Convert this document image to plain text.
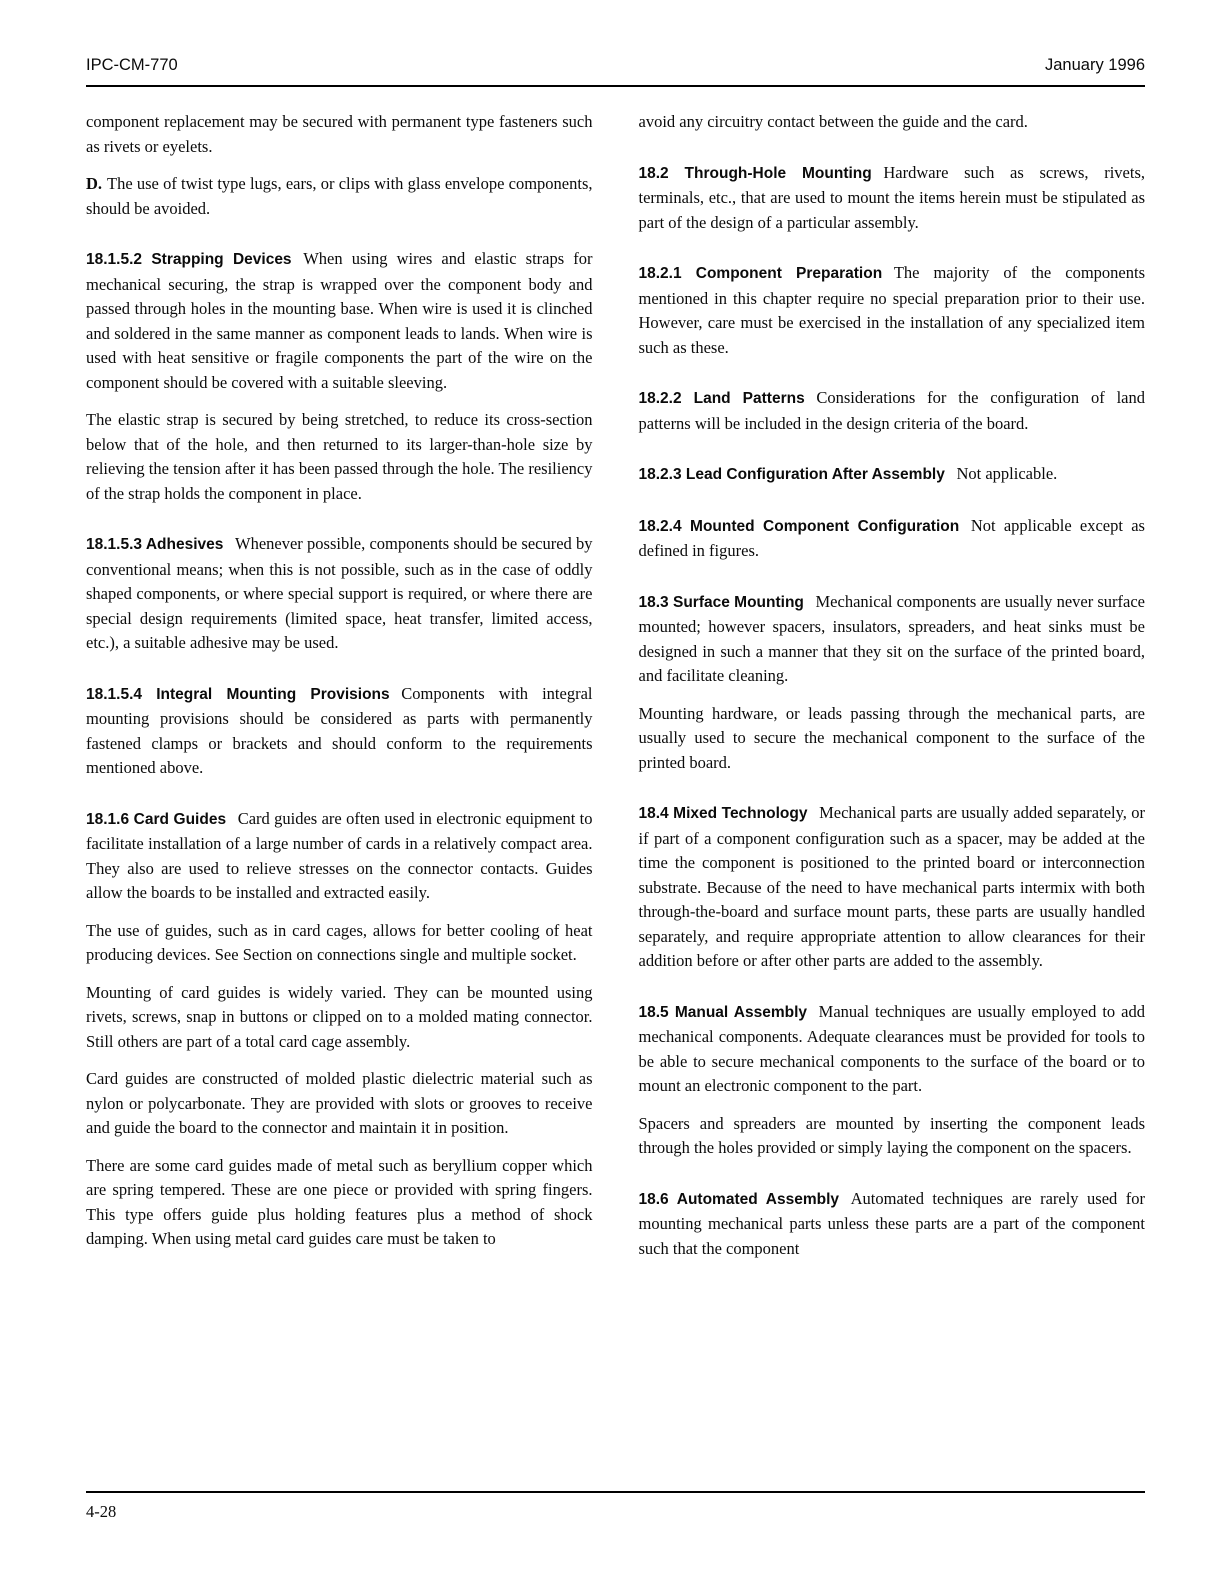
IPC-CM-770	January 1996

component replacement may be secured with permanent type fasteners such as rivets or eyelets.

D. The use of twist type lugs, ears, or clips with glass envelope components, should be avoided.

18.1.5.2 Strapping Devices When using wires and elastic straps for mechanical securing, the strap is wrapped over the component body and passed through holes in the mounting base. When wire is used it is clinched and soldered in the same manner as component leads to lands. When wire is used with heat sensitive or fragile components the part of the wire on the component should be covered with a suitable sleeving.

The elastic strap is secured by being stretched, to reduce its cross-section below that of the hole, and then returned to its larger-than-hole size by relieving the tension after it has been passed through the hole. The resiliency of the strap holds the component in place.

18.1.5.3 Adhesives Whenever possible, components should be secured by conventional means; when this is not possible, such as in the case of oddly shaped components, or where special support is required, or where there are special design requirements (limited space, heat transfer, limited access, etc.), a suitable adhesive may be used.

18.1.5.4 Integral Mounting Provisions Components with integral mounting provisions should be considered as parts with permanently fastened clamps or brackets and should conform to the requirements mentioned above.

18.1.6 Card Guides Card guides are often used in electronic equipment to facilitate installation of a large number of cards in a relatively compact area. They also are used to relieve stresses on the connector contacts. Guides allow the boards to be installed and extracted easily.

The use of guides, such as in card cages, allows for better cooling of heat producing devices. See Section on connections single and multiple socket.

Mounting of card guides is widely varied. They can be mounted using rivets, screws, snap in buttons or clipped on to a molded mating connector. Still others are part of a total card cage assembly.

Card guides are constructed of molded plastic dielectric material such as nylon or polycarbonate. They are provided with slots or grooves to receive and guide the board to the connector and maintain it in position.

There are some card guides made of metal such as beryllium copper which are spring tempered. These are one piece or provided with spring fingers. This type offers guide plus holding features plus a method of shock damping. When using metal card guides care must be taken to

avoid any circuitry contact between the guide and the card.

18.2 Through-Hole Mounting Hardware such as screws, rivets, terminals, etc., that are used to mount the items herein must be stipulated as part of the design of a particular assembly.

18.2.1 Component Preparation The majority of the components mentioned in this chapter require no special preparation prior to their use. However, care must be exercised in the installation of any specialized item such as these.

18.2.2 Land Patterns Considerations for the configuration of land patterns will be included in the design criteria of the board.

18.2.3 Lead Configuration After Assembly Not applicable.

18.2.4 Mounted Component Configuration Not applicable except as defined in figures.

18.3 Surface Mounting Mechanical components are usually never surface mounted; however spacers, insulators, spreaders, and heat sinks must be designed in such a manner that they sit on the surface of the printed board, and facilitate cleaning.

Mounting hardware, or leads passing through the mechanical parts, are usually used to secure the mechanical component to the surface of the printed board.

18.4 Mixed Technology Mechanical parts are usually added separately, or if part of a component configuration such as a spacer, may be added at the time the component is positioned to the printed board or interconnection substrate. Because of the need to have mechanical parts intermix with both through-the-board and surface mount parts, these parts are usually handled separately, and require appropriate attention to allow clearances for their addition before or after other parts are added to the assembly.

18.5 Manual Assembly Manual techniques are usually employed to add mechanical components. Adequate clearances must be provided for tools to be able to secure mechanical components to the surface of the board or to mount an electronic component to the part.

Spacers and spreaders are mounted by inserting the component leads through the holes provided or simply laying the component on the spacers.

18.6 Automated Assembly Automated techniques are rarely used for mounting mechanical parts unless these parts are a part of the component such that the component

4-28
